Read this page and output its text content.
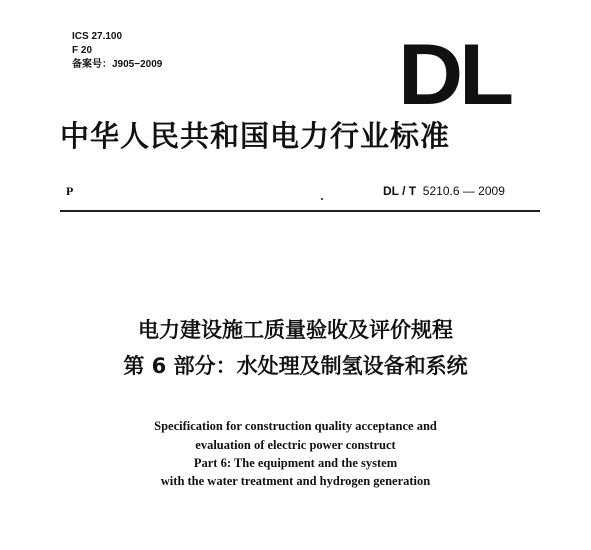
ICS 27.100
F 20
备案号：J905−2009	DL
中华人民共和国电力行业标准
P	DL / T 5210.6 — 2009
电力建设施工质量验收及评价规程
第 6 部分：水处理及制氢设备和系统
Specification for construction quality acceptance and
evaluation of electric power construct
Part 6: The equipment and the system
with the water treatment and hydrogen generation
